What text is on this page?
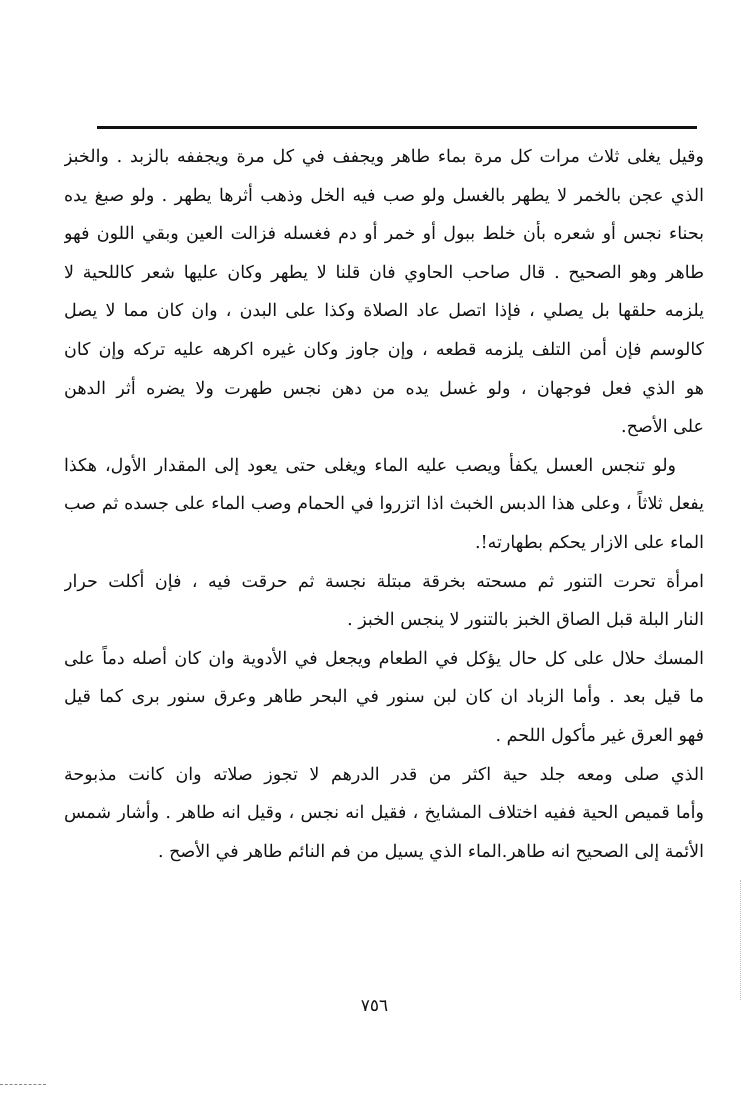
وقيل يغلى ثلاث مرات كل مرة بماء طاهر ويجفف في كل مرة ويجففه بالزبد . والخبز
الذي عجن بالخمر لا يطهر بالغسل ولو صب فيه الخل وذهب أثرها يطهر . ولو صبغ يده
بحناء نجس أو شعره بأن خلط ببول أو خمر أو دم فغسله فزالت العين وبقي اللون فهو
طاهر وهو الصحيح . قال صاحب الحاوي فان قلنا لا يطهر وكان عليها شعر كاللحية لا
يلزمه حلقها بل يصلي ، فإذا اتصل عاد الصلاة وكذا على البدن ، وان كان مما لا يصل
كالوسم فإن أمن التلف يلزمه قطعه ، وإن جاوز وكان غيره اكرهه عليه تركه وإن كان
هو الذي فعل فوجهان ، ولو غسل يده من دهن نجس طهرت ولا يضره أثر الدهن
على الأصح.
ولو تنجس العسل يكفأ ويصب عليه الماء ويغلى حتى يعود إلى المقدار الأول، هكذا
يفعل ثلاثاً ، وعلى هذا الدبس الخبث اذا اتزروا في الحمام وصب الماء على جسده ثم صب
الماء على الازار يحكم بطهارته!.
امرأة تحرت التنور ثم مسحته بخرقة مبتلة نجسة ثم حرقت فيه ، فإن أكلت حرار
النار البلة قبل الصاق الخبز بالتنور لا ينجس الخبز .
المسك حلال على كل حال يؤكل في الطعام ويجعل في الأدوية وان كان أصله دماً على
ما قيل بعد . وأما الزباد ان كان لبن سنور في البحر طاهر وعرق سنور برى كما قيل
فهو العرق غير مأكول اللحم .
الذي صلى ومعه جلد حية اكثر من قدر الدرهم لا تجوز صلاته وان كانت مذبوحة
وأما قميص الحية ففيه اختلاف المشايخ ، فقيل انه نجس ، وقيل انه طاهر . وأشار شمس
الأئمة إلى الصحيح انه طاهر.الماء الذي يسيل من فم النائم طاهر في الأصح .
٧٥٦
